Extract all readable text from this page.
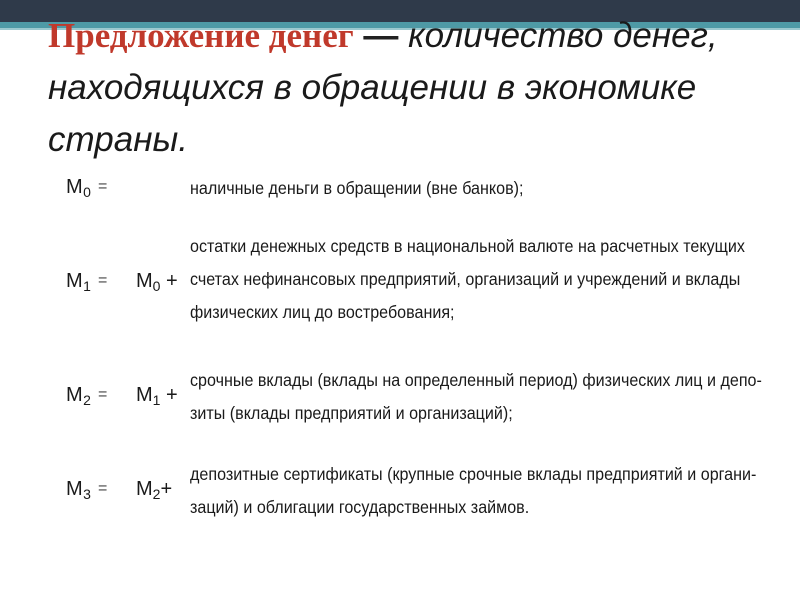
Предложение денег — количество денег, находящихся в обращении в экономике страны.
$M_0$ =	наличные деньги в обращении (вне банков);
$M_1 = M_0$ +
остатки денежных средств в национальной валюте на расчетных текущих
счетах нефинансовых предприятий, организаций и учреждений и вклады
физических лиц до востребования;
$M_2 = M_1$ +
срочные вклады (вклады на определенный период) физических лиц и депо-
зиты (вклады предприятий и организаций);
$M_3 = M_2+$
депозитные сертификаты (крупные срочные вклады предприятий и органи-
заций) и облигации государственных займов.
